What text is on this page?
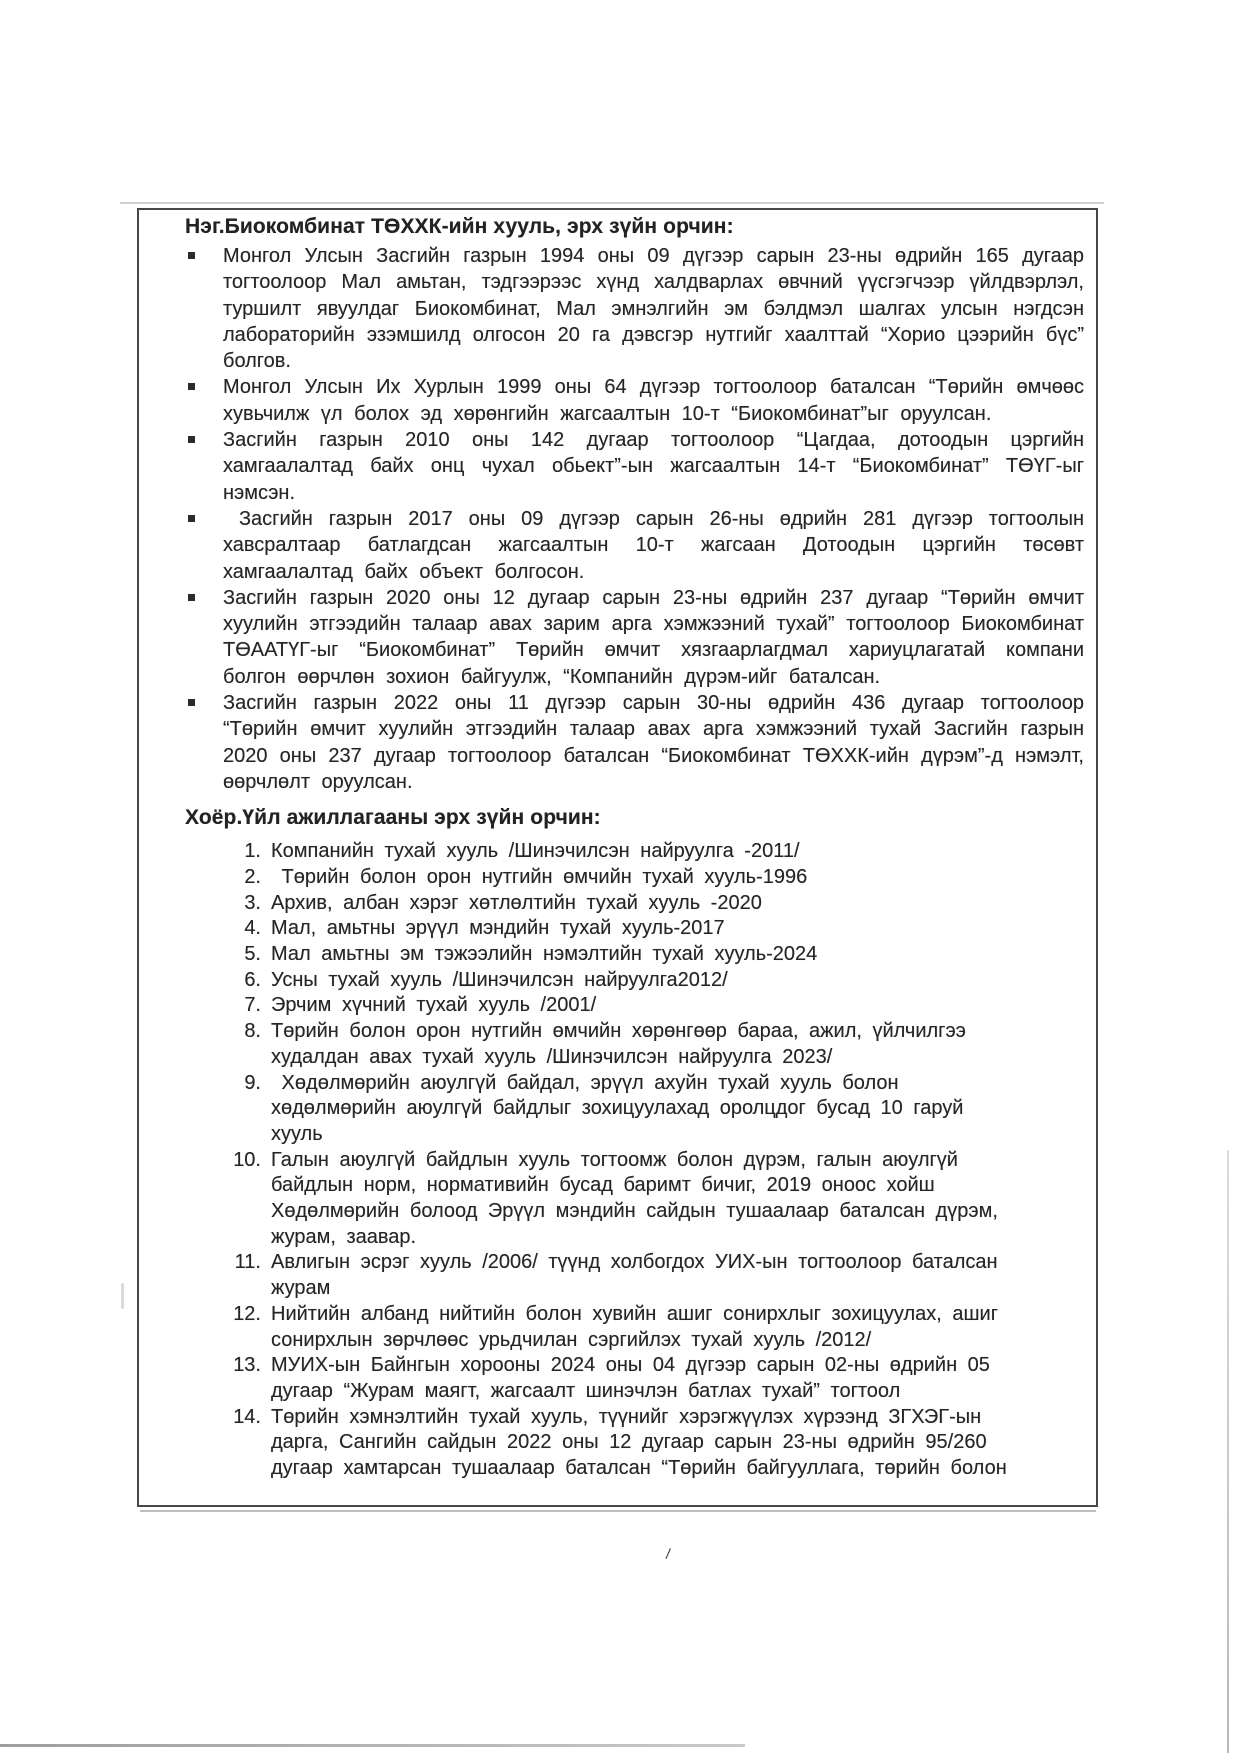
Нэг.Биокомбинат ТӨХХК-ийн хууль, эрх зүйн орчин:

Монгол Улсын Засгийн газрын 1994 оны 09 дүгээр сарын 23-ны өдрийн 165 дугаар тогтоолоор Мал амьтан, тэдгээрээс хүнд халдварлах өвчний үүсгэгчээр үйлдвэрлэл, туршилт явуулдаг Биокомбинат, Мал эмнэлгийн эм бэлдмэл шалгах улсын нэгдсэн лабораторийн эзэмшилд олгосон 20 га дэвсгэр нутгийг хаалттай “Хорио цээрийн бүс” болгов.

Монгол Улсын Их Хурлын 1999 оны 64 дүгээр тогтоолоор баталсан “Төрийн өмчөөс хувьчилж үл болох эд хөрөнгийн жагсаалтын 10-т “Биокомбинат”ыг оруулсан.

Засгийн газрын 2010 оны 142 дугаар тогтоолоор “Цагдаа, дотоодын цэргийн хамгаалалтад байх онц чухал обьект”-ын жагсаалтын 14-т “Биокомбинат” ТӨҮГ-ыг нэмсэн.

Засгийн газрын 2017 оны 09 дүгээр сарын 26-ны өдрийн 281 дүгээр тогтоолын хавсралтаар батлагдсан жагсаалтын 10-т жагсаан Дотоодын цэргийн төсөвт хамгаалалтад байх объект болгосон.

Засгийн газрын 2020 оны 12 дугаар сарын 23-ны өдрийн 237 дугаар “Төрийн өмчит хуулийн этгээдийн талаар авах зарим арга хэмжээний тухай” тогтоолоор Биокомбинат ТӨААТҮГ-ыг “Биокомбинат” Төрийн өмчит хязгаарлагдмал хариуцлагатай компани болгон өөрчлөн зохион байгуулж, “Компанийн дүрэм-ийг баталсан.

Засгийн газрын 2022 оны 11 дүгээр сарын 30-ны өдрийн 436 дугаар тогтоолоор “Төрийн өмчит хуулийн этгээдийн талаар авах арга хэмжээний тухай Засгийн газрын 2020 оны 237 дугаар тогтоолоор баталсан “Биокомбинат ТӨХХК-ийн дүрэм”-д нэмэлт, өөрчлөлт оруулсан.

Хоёр.Үйл ажиллагааны эрх зүйн орчин:
1. Компанийн тухай хууль /Шинэчилсэн найруулга -2011/
2. Төрийн болон орон нутгийн өмчийн тухай хууль-1996
3. Архив, албан хэрэг хөтлөлтийн тухай хууль -2020
4. Мал, амьтны эрүүл мэндийн тухай хууль-2017
5. Мал амьтны эм тэжээлийн нэмэлтийн тухай хууль-2024
6. Усны тухай хууль /Шинэчилсэн найруулга2012/
7. Эрчим хүчний тухай хууль /2001/
8. Төрийн болон орон нутгийн өмчийн хөрөнгөөр бараа, ажил, үйлчилгээ худалдан авах тухай хууль /Шинэчилсэн найруулга 2023/
9. Хөдөлмөрийн аюулгүй байдал, эрүүл ахуйн тухай хууль болон хөдөлмөрийн аюулгүй байдлыг зохицуулахад оролцдог бусад 10 гаруй хууль
10. Галын аюулгүй байдлын хууль тогтоомж болон дүрэм, галын аюулгүй байдлын норм, нормативийн бусад баримт бичиг, 2019 оноос хойш Хөдөлмөрийн болоод Эрүүл мэндийн сайдын тушаалаар баталсан дүрэм, журам, заавар.
11. Авлигын эсрэг хууль /2006/ түүнд холбогдох УИХ-ын тогтоолоор баталсан журам
12. Нийтийн албанд нийтийн болон хувийн ашиг сонирхлыг зохицуулах, ашиг сонирхлын зөрчлөөс урьдчилан сэргийлэх тухай хууль /2012/
13. МУИХ-ын Байнгын хорооны 2024 оны 04 дүгээр сарын 02-ны өдрийн 05 дугаар “Журам маягт, жагсаалт шинэчлэн батлах тухай” тогтоол
14. Төрийн хэмнэлтийн тухай хууль, түүнийг хэрэгжүүлэх хүрээнд ЗГХЭГ-ын дарга, Сангийн сайдын 2022 оны 12 дугаар сарын 23-ны өдрийн 95/260 дугаар хамтарсан тушаалаар баталсан “Төрийн байгууллага, төрийн болон
/
